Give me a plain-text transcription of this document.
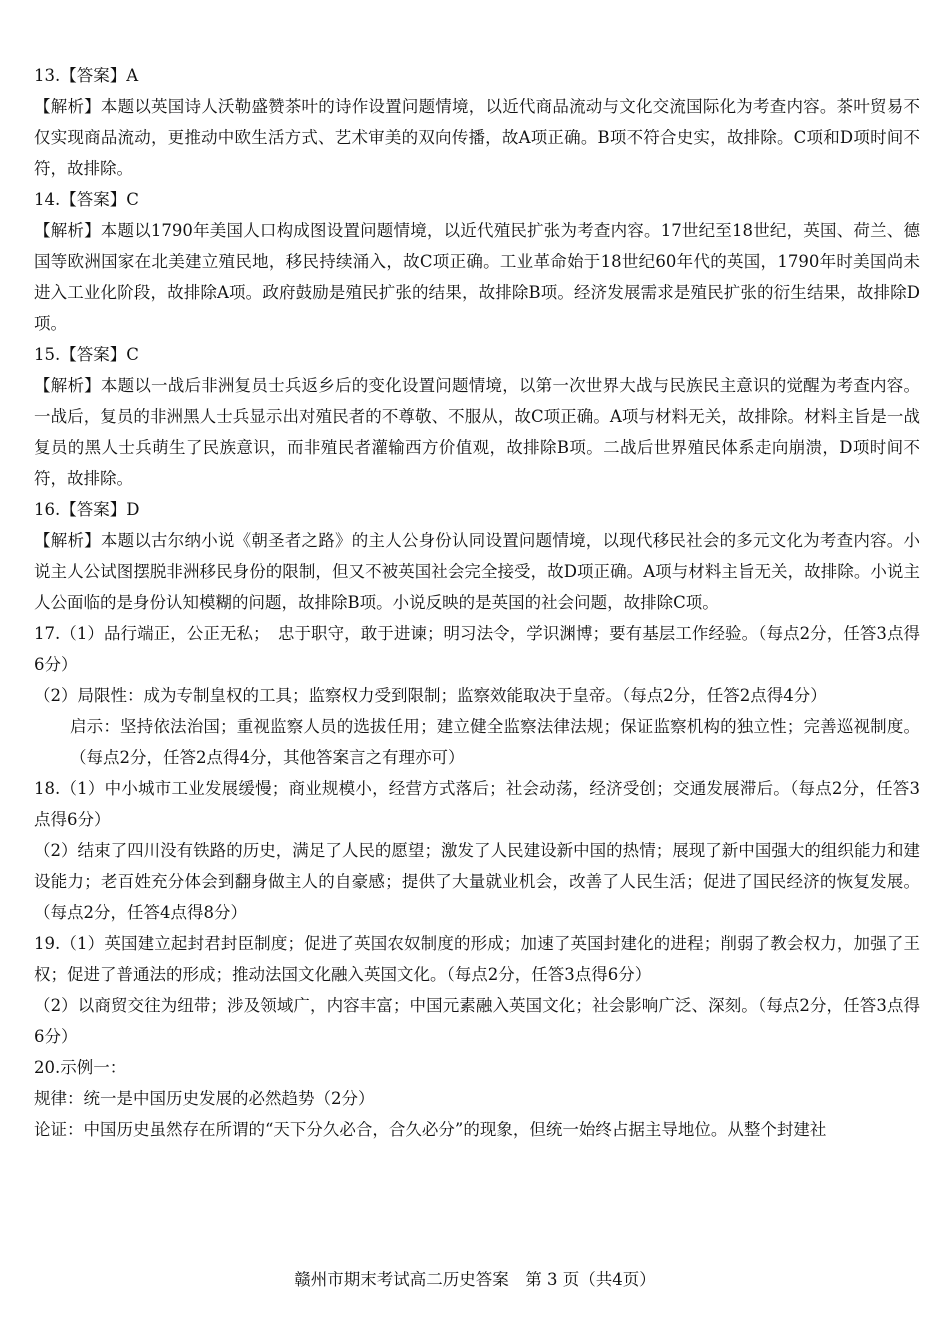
13.【答案】A

【解析】本题以英国诗人沃勒盛赞茶叶的诗作设置问题情境，以近代商品流动与文化交流国际化为考查内容。茶叶贸易不仅实现商品流动，更推动中欧生活方式、艺术审美的双向传播，故A项正确。B项不符合史实，故排除。C项和D项时间不符，故排除。

14.【答案】C

【解析】本题以1790年美国人口构成图设置问题情境，以近代殖民扩张为考查内容。17世纪至18世纪，英国、荷兰、德国等欧洲国家在北美建立殖民地，移民持续涌入，故C项正确。工业革命始于18世纪60年代的英国，1790年时美国尚未进入工业化阶段，故排除A项。政府鼓励是殖民扩张的结果，故排除B项。经济发展需求是殖民扩张的衍生结果，故排除D项。

15.【答案】C

【解析】本题以一战后非洲复员士兵返乡后的变化设置问题情境，以第一次世界大战与民族民主意识的觉醒为考查内容。一战后，复员的非洲黑人士兵显示出对殖民者的不尊敬、不服从，故C项正确。A项与材料无关，故排除。材料主旨是一战复员的黑人士兵萌生了民族意识，而非殖民者灌输西方价值观，故排除B项。二战后世界殖民体系走向崩溃，D项时间不符，故排除。

16.【答案】D

【解析】本题以古尔纳小说《朝圣者之路》的主人公身份认同设置问题情境，以现代移民社会的多元文化为考查内容。小说主人公试图摆脱非洲移民身份的限制，但又不被英国社会完全接受，故D项正确。A项与材料主旨无关，故排除。小说主人公面临的是身份认知模糊的问题，故排除B项。小说反映的是英国的社会问题，故排除C项。

17.（1）品行端正，公正无私；　忠于职守，敢于进谏；明习法令，学识渊博；要有基层工作经验。（每点2分，任答3点得6分）

（2）局限性：成为专制皇权的工具；监察权力受到限制；监察效能取决于皇帝。（每点2分，任答2点得4分）

启示：坚持依法治国；重视监察人员的选拔任用；建立健全监察法律法规；保证监察机构的独立性；完善巡视制度。（每点2分，任答2点得4分，其他答案言之有理亦可）

18.（1）中小城市工业发展缓慢；商业规模小，经营方式落后；社会动荡，经济受创；交通发展滞后。（每点2分，任答3点得6分）

（2）结束了四川没有铁路的历史，满足了人民的愿望；激发了人民建设新中国的热情；展现了新中国强大的组织能力和建设能力；老百姓充分体会到翻身做主人的自豪感；提供了大量就业机会，改善了人民生活；促进了国民经济的恢复发展。（每点2分，任答4点得8分）

19.（1）英国建立起封君封臣制度；促进了英国农奴制度的形成；加速了英国封建化的进程；削弱了教会权力，加强了王权；促进了普通法的形成；推动法国文化融入英国文化。（每点2分，任答3点得6分）

（2）以商贸交往为纽带；涉及领域广，内容丰富；中国元素融入英国文化；社会影响广泛、深刻。（每点2分，任答3点得6分）

20.示例一：

规律：统一是中国历史发展的必然趋势（2分）

论证：中国历史虽然存在所谓的“天下分久必合，合久必分”的现象，但统一始终占据主导地位。从整个封建社

赣州市期末考试高二历史答案　第 3 页（共4页）
